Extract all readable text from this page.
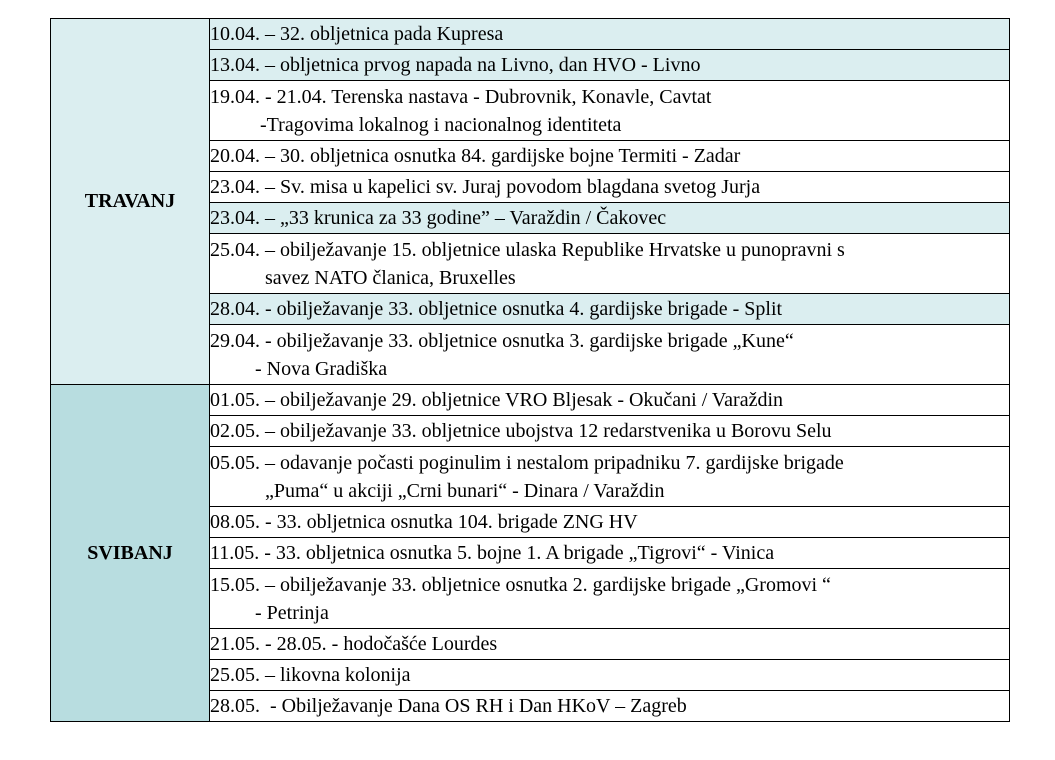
TRAVANJ	10.04. – 32. obljetnica pada Kupresa

	13.04. – obljetnica prvog napada na Livno, dan HVO - Livno

	19.04. - 21.04. Terenska nastava - Dubrovnik, Konavle, Cavtat
-Tragovima lokalnog i nacionalnog identiteta

	20.04. – 30. obljetnica osnutka 84. gardijske bojne Termiti - Zadar

	23.04. – Sv. misa u kapelici sv. Juraj povodom blagdana svetog Jurja

	23.04. – „33 krunica za 33 godine” – Varaždin / Čakovec

	25.04. – obilježavanje 15. obljetnice ulaska Republike Hrvatske u punopravni s
savez NATO članica, Bruxelles

	28.04. - obilježavanje 33. obljetnice osnutka 4. gardijske brigade - Split

	29.04. - obilježavanje 33. obljetnice osnutka 3. gardijske brigade „Kune“
- Nova Gradiška

SVIBANJ	01.05. – obilježavanje 29. obljetnice VRO Bljesak - Okučani / Varaždin

	02.05. – obilježavanje 33. obljetnice ubojstva 12 redarstvenika u Borovu Selu

	05.05. – odavanje počasti poginulim i nestalom pripadniku 7. gardijske brigade
„Puma“ u akciji „Crni bunari“ - Dinara / Varaždin

	08.05. - 33. obljetnica osnutka 104. brigade ZNG HV

	11.05. - 33. obljetnica osnutka 5. bojne 1. A brigade „Tigrovi“ - Vinica

	15.05. – obilježavanje 33. obljetnice osnutka 2. gardijske brigade „Gromovi “
- Petrinja

	21.05. - 28.05. - hodočašće Lourdes

	25.05. – likovna kolonija

	28.05.  - Obilježavanje Dana OS RH i Dan HKoV – Zagreb
